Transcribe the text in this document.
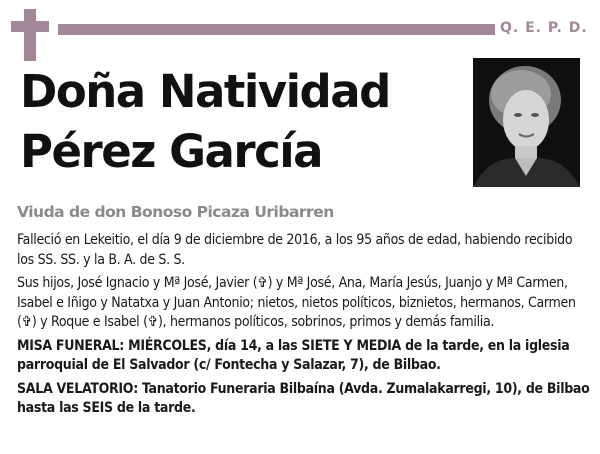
Q. E. P. D.
Doña Natividad
Pérez García
Viuda de don Bonoso Picaza Uribarren

Falleció en Lekeitio, el día 9 de diciembre de 2016, a los 95 años de edad, habiendo recibido los SS. SS. y la B. A. de S. S.

Sus hijos, José Ignacio y Mª José, Javier (✞) y Mª José, Ana, María Jesús, Juanjo y Mª Carmen, Isabel e Iñigo y Natatxa y Juan Antonio; nietos, nietos políticos, biznietos, hermanos, Carmen (✞) y Roque e Isabel (✞), hermanos políticos, sobrinos, primos y demás familia.

MISA FUNERAL: MIÉRCOLES, día 14, a las SIETE Y MEDIA de la tarde, en la iglesia parroquial de El Salvador (c/ Fontecha y Salazar, 7), de Bilbao.

SALA VELATORIO: Tanatorio Funeraria Bilbaína (Avda. Zumalakarregi, 10), de Bilbao hasta las SEIS de la tarde.
